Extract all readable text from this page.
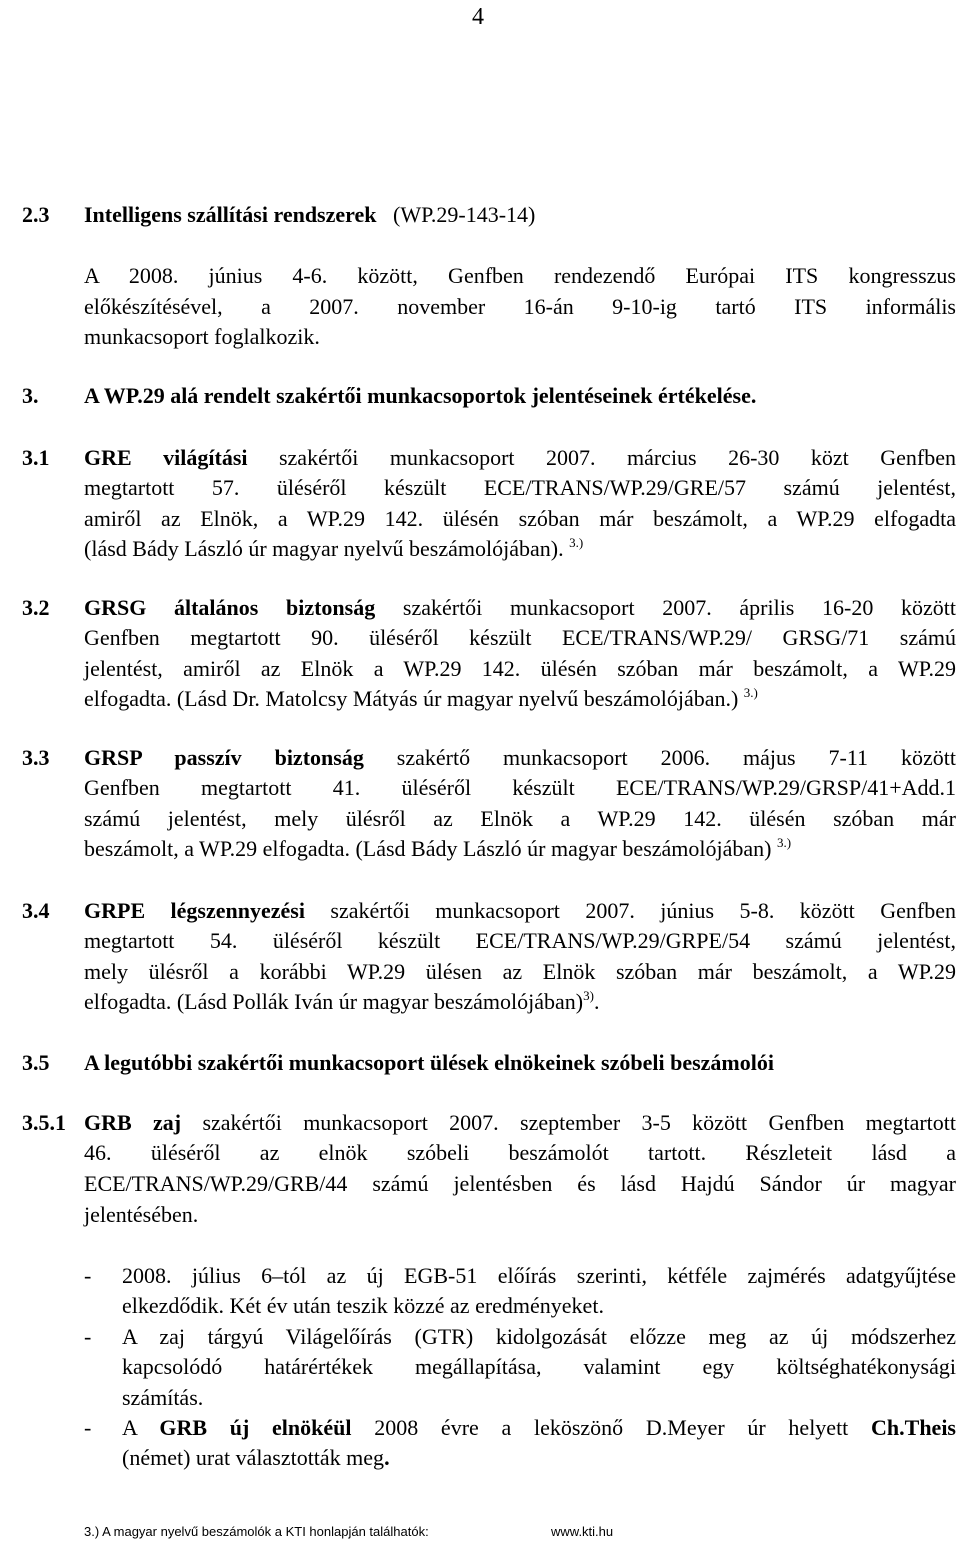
4
2.3 Intelligens szállítási rendszerek (WP.29-143-14)
A 2008. június 4-6. között, Genfben rendezendő Európai ITS kongresszus
előkészítésével, a 2007. november 16-án 9-10-ig tartó ITS informális
munkacsoport foglalkozik.
3. A WP.29 alá rendelt szakértői munkacsoportok jelentéseinek értékelése.
3.1 GRE világítási szakértői munkacsoport 2007. március 26-30 közt Genfben
megtartott 57. üléséről készült ECE/TRANS/WP.29/GRE/57 számú jelentést,
amiről az Elnök, a WP.29 142. ülésén szóban már beszámolt, a WP.29 elfogadta
(lásd Bády László úr magyar nyelvű beszámolójában). $^{3.)}$
3.2 GRSG általános biztonság szakértői munkacsoport 2007. április 16-20 között
Genfben megtartott 90. üléséről készült ECE/TRANS/WP.29/ GRSG/71 számú
jelentést, amiről az Elnök a WP.29 142. ülésén szóban már beszámolt, a WP.29
elfogadta. (Lásd Dr. Matolcsy Mátyás úr magyar nyelvű beszámolójában.) $^{3.)}$
3.3 GRSP passzív biztonság szakértő munkacsoport 2006. május 7-11 között
Genfben megtartott 41. üléséről készült ECE/TRANS/WP.29/GRSP/41+Add.1
számú jelentést, mely ülésről az Elnök a WP.29 142. ülésén szóban már
beszámolt, a WP.29 elfogadta. (Lásd Bády László úr magyar beszámolójában) $^{3.)}$
3.4 GRPE légszennyezési szakértői munkacsoport 2007. június 5-8. között Genfben
megtartott 54. üléséről készült ECE/TRANS/WP.29/GRPE/54 számú jelentést,
mely ülésről a korábbi WP.29 ülésen az Elnök szóban már beszámolt, a WP.29
elfogadta. (Lásd Pollák Iván úr magyar beszámolójában)$^{3)}$.
3.5 A legutóbbi szakértői munkacsoport ülések elnökeinek szóbeli beszámolói
3.5.1 GRB zaj szakértői munkacsoport 2007. szeptember 3-5 között Genfben megtartott
46. üléséről az elnök szóbeli beszámolót tartott. Részleteit lásd a
ECE/TRANS/WP.29/GRB/44 számú jelentésben és lásd Hajdú Sándor úr magyar
jelentésében.
- 2008. július 6–tól az új EGB-51 előírás szerinti, kétféle zajmérés adatgyűjtése
elkezdődik. Két év után teszik közzé az eredményeket.
- A zaj tárgyú Világelőírás (GTR) kidolgozását előzze meg az új módszerhez
kapcsolódó határértékek megállapítása, valamint egy költséghatékonysági
számítás.
- A GRB új elnökéül 2008 évre a leköszönő D.Meyer úr helyett Ch.Theis
(német) urat választották meg.
3.) A magyar nyelvű beszámolók a KTI honlapján találhatók:	www.kti.hu
